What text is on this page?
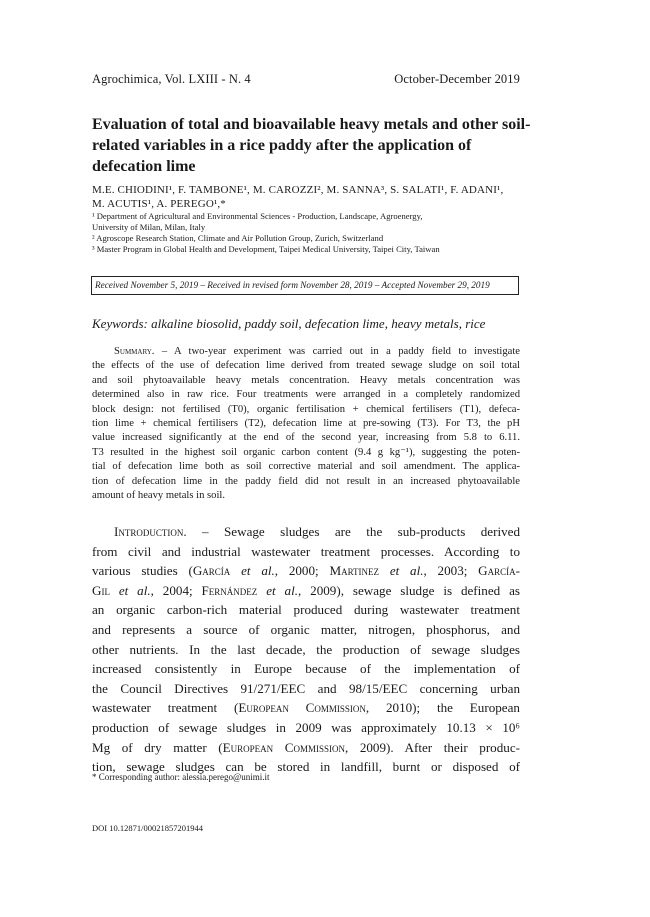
Agrochimica, Vol. LXIII - N. 4	October-December 2019
Evaluation of total and bioavailable heavy metals and other soil-related variables in a rice paddy after the application of defecation lime
M.E. CHIODINI¹, F. TAMBONE¹, M. CAROZZI², M. SANNA³, S. SALATI¹, F. ADANI¹,
M. ACUTIS¹, A. PEREGO¹,*
¹ Department of Agricultural and Environmental Sciences - Production, Landscape, Agroenergy,
University of Milan, Milan, Italy
² Agroscope Research Station, Climate and Air Pollution Group, Zurich, Switzerland
³ Master Program in Global Health and Development, Taipei Medical University, Taipei City, Taiwan
Received November 5, 2019 – Received in revised form November 28, 2019 – Accepted November 29, 2019
Keywords: alkaline biosolid, paddy soil, defecation lime, heavy metals, rice
Summary. – A two-year experiment was carried out in a paddy field to investigate
the effects of the use of defecation lime derived from treated sewage sludge on soil total
and soil phytoavailable heavy metals concentration. Heavy metals concentration was
determined also in raw rice. Four treatments were arranged in a completely randomized
block design: not fertilised (T0), organic fertilisation + chemical fertilisers (T1), defeca-
tion lime + chemical fertilisers (T2), defecation lime at pre-sowing (T3). For T3, the pH
value increased significantly at the end of the second year, increasing from 5.8 to 6.11.
T3 resulted in the highest soil organic carbon content (9.4 g kg⁻¹), suggesting the poten-
tial of defecation lime both as soil corrective material and soil amendment. The applica-
tion of defecation lime in the paddy field did not result in an increased phytoavailable
amount of heavy metals in soil.
Introduction. – Sewage sludges are the sub-products derived
from civil and industrial wastewater treatment processes. According to
various studies (García et al., 2000; Martinez et al., 2003; García-
Gil et al., 2004; Fernández et al., 2009), sewage sludge is defined as
an organic carbon-rich material produced during wastewater treatment
and represents a source of organic matter, nitrogen, phosphorus, and
other nutrients. In the last decade, the production of sewage sludges
increased consistently in Europe because of the implementation of
the Council Directives 91/271/EEC and 98/15/EEC concerning urban
wastewater treatment (European Commission, 2010); the European
production of sewage sludges in 2009 was approximately 10.13 × 10⁶
Mg of dry matter (European Commission, 2009). After their produc-
tion, sewage sludges can be stored in landfill, burnt or disposed of
* Corresponding author: alessia.perego@unimi.it
DOI 10.12871/00021857201944
